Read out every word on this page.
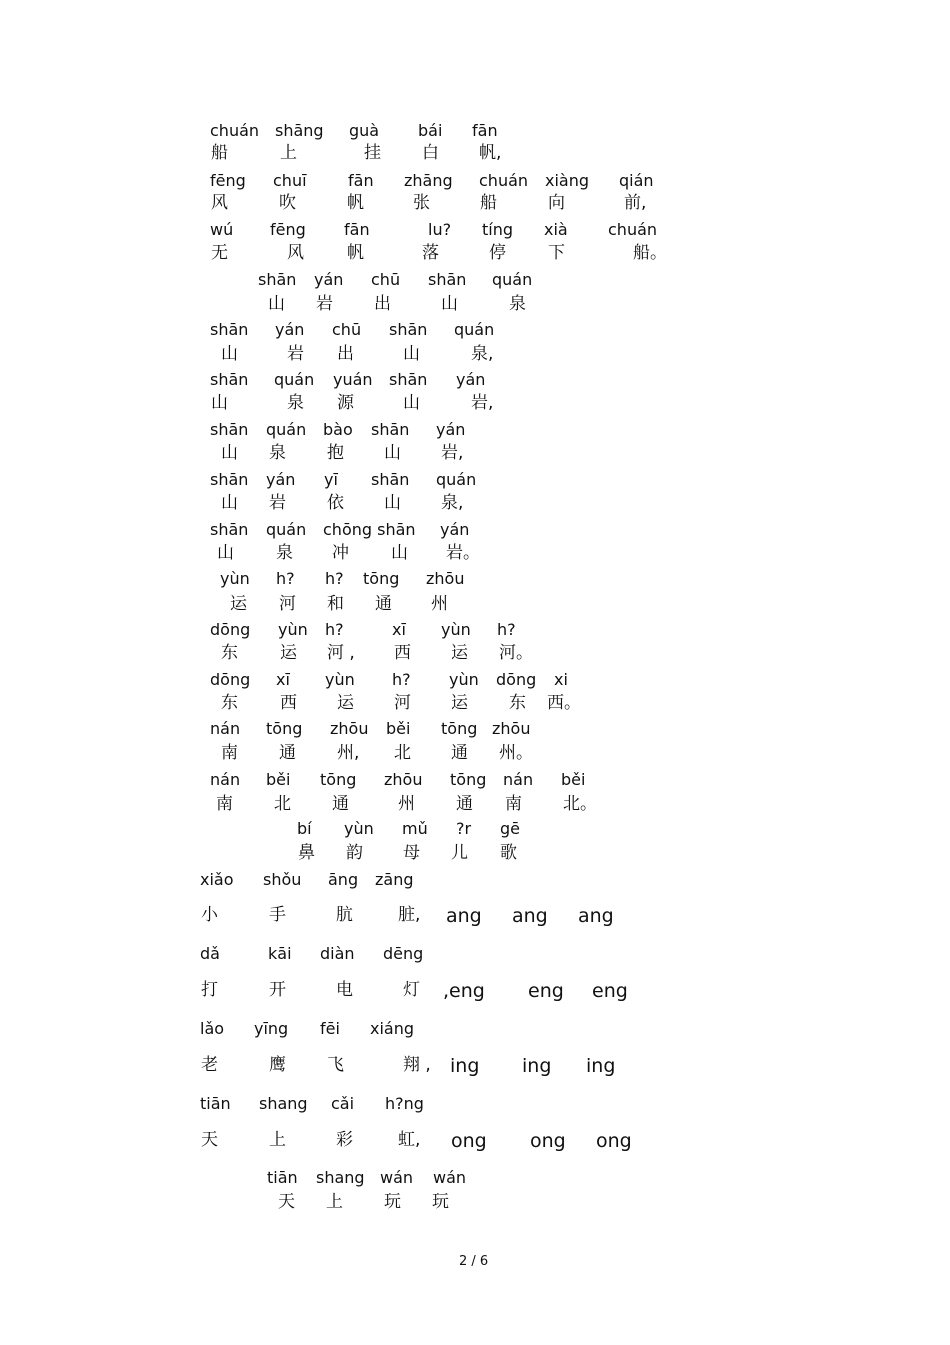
chuán shāng guà bái fān
船	上	挂 白 帆,
fēng chuī	fān zhāng chuán xiàng qián
风	吹	帆	张	船	向	前,
wú fēng fān	lu? tíng xià	chuán
无	风	帆	落	停 下	船。
shān yán chū shān quán
山 岩 出	山	泉
shān yán chū shān quán
山	岩 出	山	泉,
shān quán yuán shān yán
山	泉 源	山	岩,
shān quán bào shān yán
山 泉 抱 山 岩,
shān yán yī shān quán
山 岩 依 山 泉,
shān quán chōng shān yán
山 泉 冲 山 岩。
yùn h? h? tōng zhōu
运 河 和 通 州
dōng yùn h?	xī yùn h?
东 运 河 , 西 运 河。
dōng xī yùn h? yùn dōng xi
东 西 运 河 运 东 西。
nán tōng zhōu běi tōng zhōu
南 通 州, 北 通 州。
nán běi tōng zhōu tōng nán běi
南 北 通	州 通 南 北。
bí yùn mǔ ?r gē
鼻 韵 母 儿 歌
xiǎo shǒu āng zāng
小	手	肮	脏, ang ang ang
dǎ	kāi diàn dēng
打	开	电	灯 ,eng eng eng
lǎo yīng fēi xiáng
老	鹰 飞	翔 , ing ing ing
tiān shang cǎi h?ng
天	上	彩	虹, ong ong ong
tiān shang wán wán
天 上 玩 玩
2 / 6
